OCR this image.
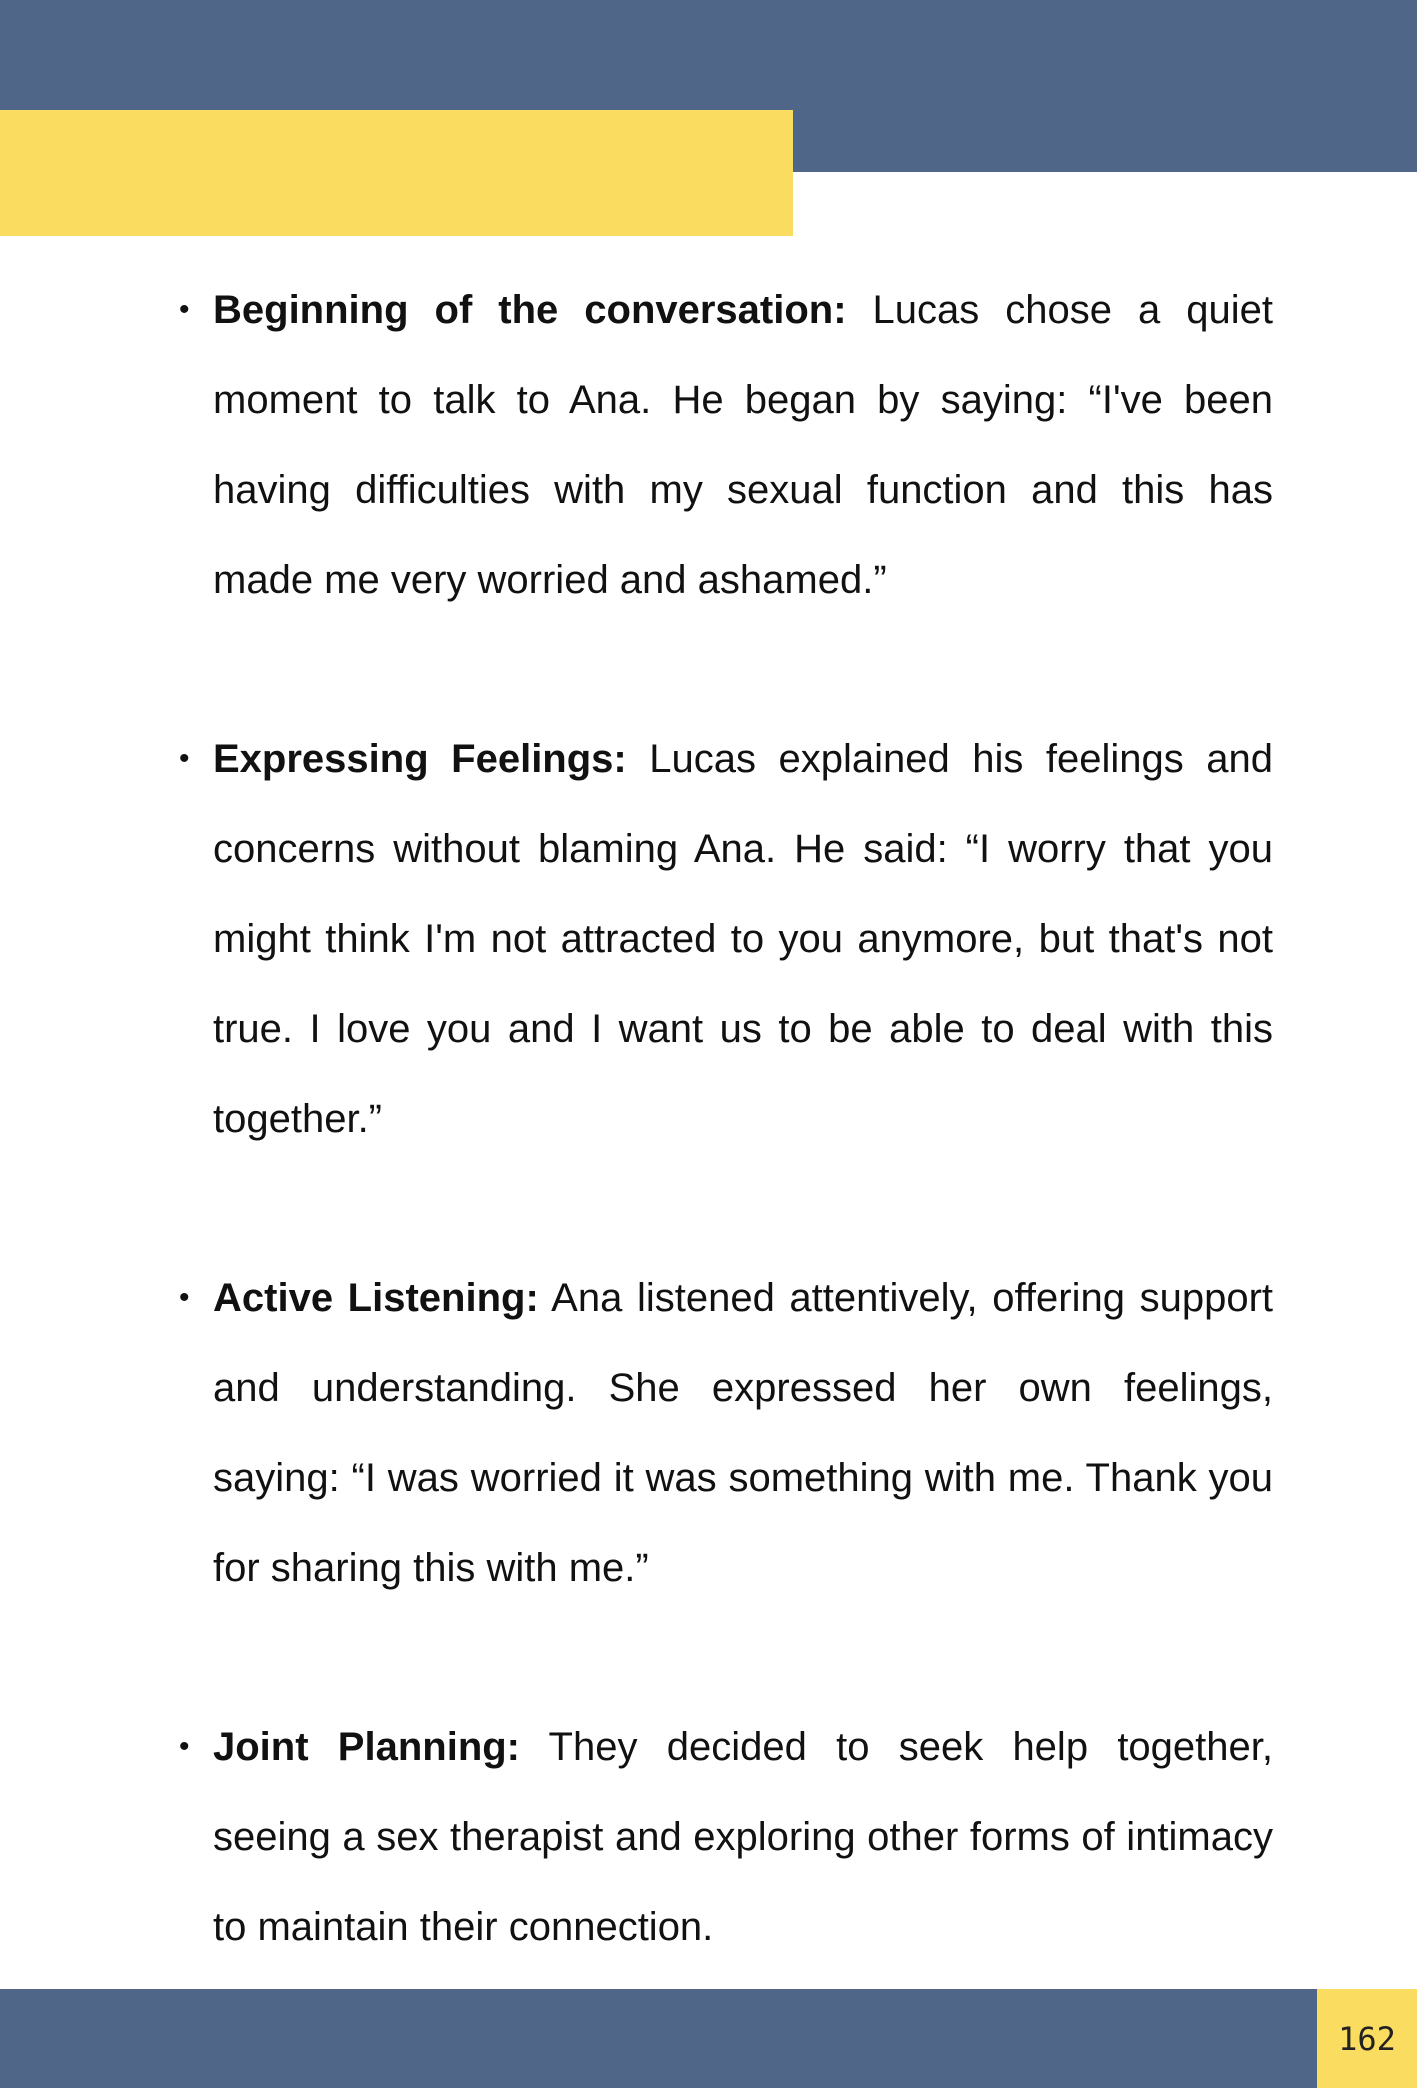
• Beginning of the conversation: Lucas chose a quiet moment to talk to Ana. He began by saying: “I've been having difficulties with my sexual function and this has made me very worried and ashamed.”
• Expressing Feelings: Lucas explained his feelings and concerns without blaming Ana. He said: “I worry that you might think I'm not attracted to you anymore, but that's not true. I love you and I want us to be able to deal with this together.”
• Active Listening: Ana listened attentively, offering support and understanding. She expressed her own feelings, saying: “I was worried it was something with me. Thank you for sharing this with me.”
• Joint Planning: They decided to seek help together, seeing a sex therapist and exploring other forms of intimacy to maintain their connection.
162
